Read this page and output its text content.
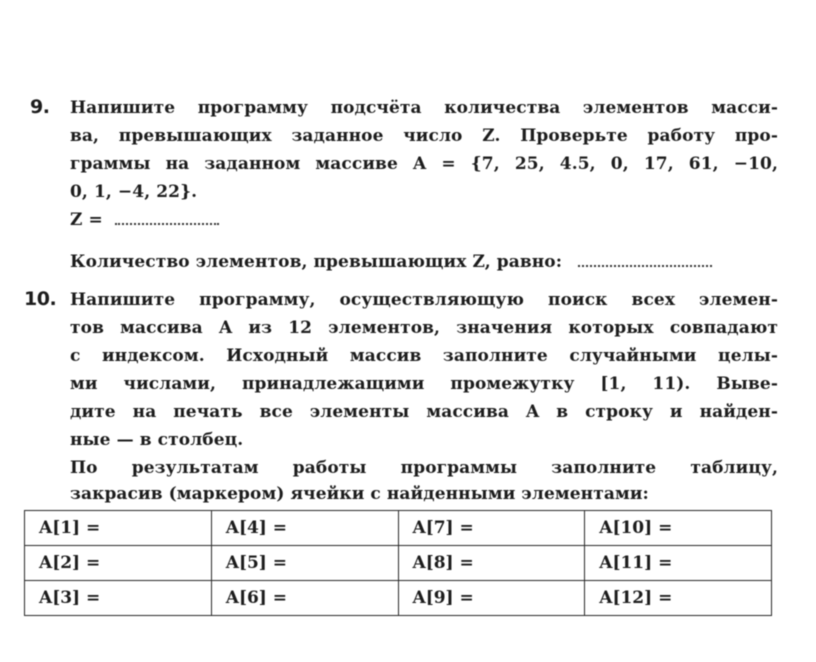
9. Напишите программу подсчёта количества элементов масси-
ва, превышающих заданное число Z. Проверьте работу про-
граммы на заданном массиве A = {7, 25, 4.5, 0, 17, 61, −10,
0, 1, −4, 22}.
Z =
Количество элементов, превышающих Z, равно:
10. Напишите программу, осуществляющую поиск всех элемен-
тов массива A из 12 элементов, значения которых совпадают
с индексом. Исходный массив заполните случайными целы-
ми числами, принадлежащими промежутку [1, 11). Выве-
дите на печать все элементы массива A в строку и найден-
ные — в столбец.
По результатам работы программы заполните таблицу,
закрасив (маркером) ячейки с найденными элементами:
A[1] =	A[4] =	A[7] =	A[10] =
A[2] =	A[5] =	A[8] =	A[11] =
A[3] =	A[6] =	A[9] =	A[12] =
